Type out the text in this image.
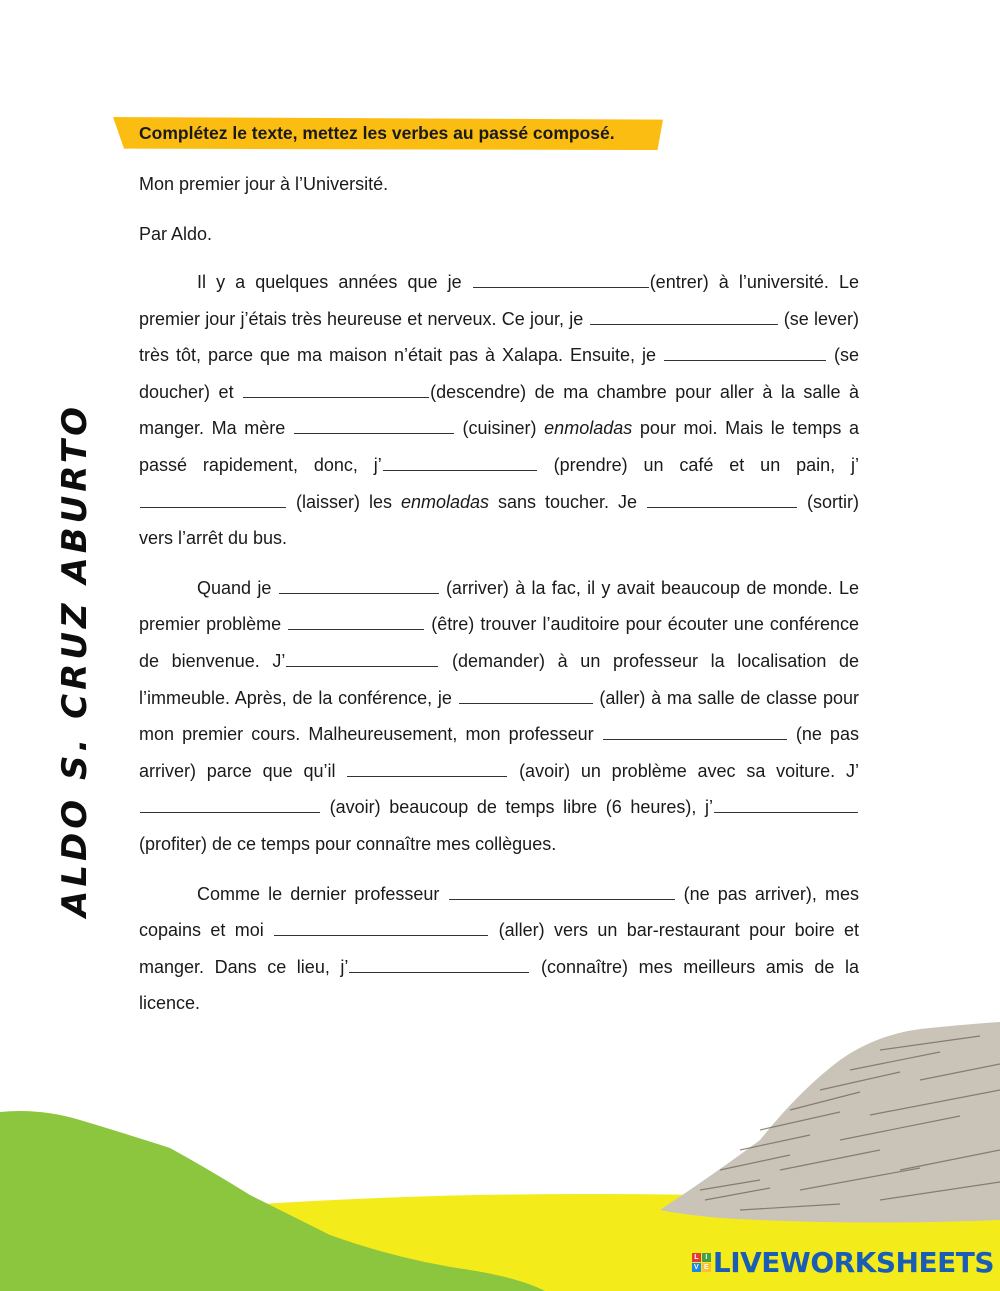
Complétez le texte, mettez les verbes au passé composé.
Mon premier jour à l’Université.
Par Aldo.

Il y a quelques années que je	(entrer) à l’université. Le premier jour j’étais très heureuse et nerveux. Ce jour, je	(se lever) très tôt, parce que ma maison n’était pas à Xalapa. Ensuite, je	(se doucher) et	(descendre) de ma chambre pour aller à la salle à manger. Ma mère	(cuisiner) enmoladas pour moi. Mais le temps a passé rapidement, donc, j’	(prendre) un café et un pain, j’ (laisser) les enmoladas sans toucher. Je	(sortir) vers l’arrêt du bus.

Quand je	(arriver) à la fac, il y avait beaucoup de monde. Le premier problème	(être) trouver l’auditoire pour écouter une conférence de bienvenue. J’	(demander) à un professeur la localisation de l’immeuble. Après, de la conférence, je	(aller) à ma salle de classe pour mon premier cours. Malheureusement, mon professeur	(ne pas arriver) parce que qu’il	(avoir) un problème avec sa voiture. J’ (avoir) beaucoup de temps libre (6 heures), j’ (profiter) de ce temps pour connaître mes collègues.

Comme le dernier professeur	(ne pas arriver), mes copains et moi	(aller) vers un bar-restaurant pour boire et manger. Dans ce lieu, j’	(connaître) mes meilleurs amis de la licence.

ALDO S. CRUZ ABURTO
L I
V E LIVEWORKSHEETS
